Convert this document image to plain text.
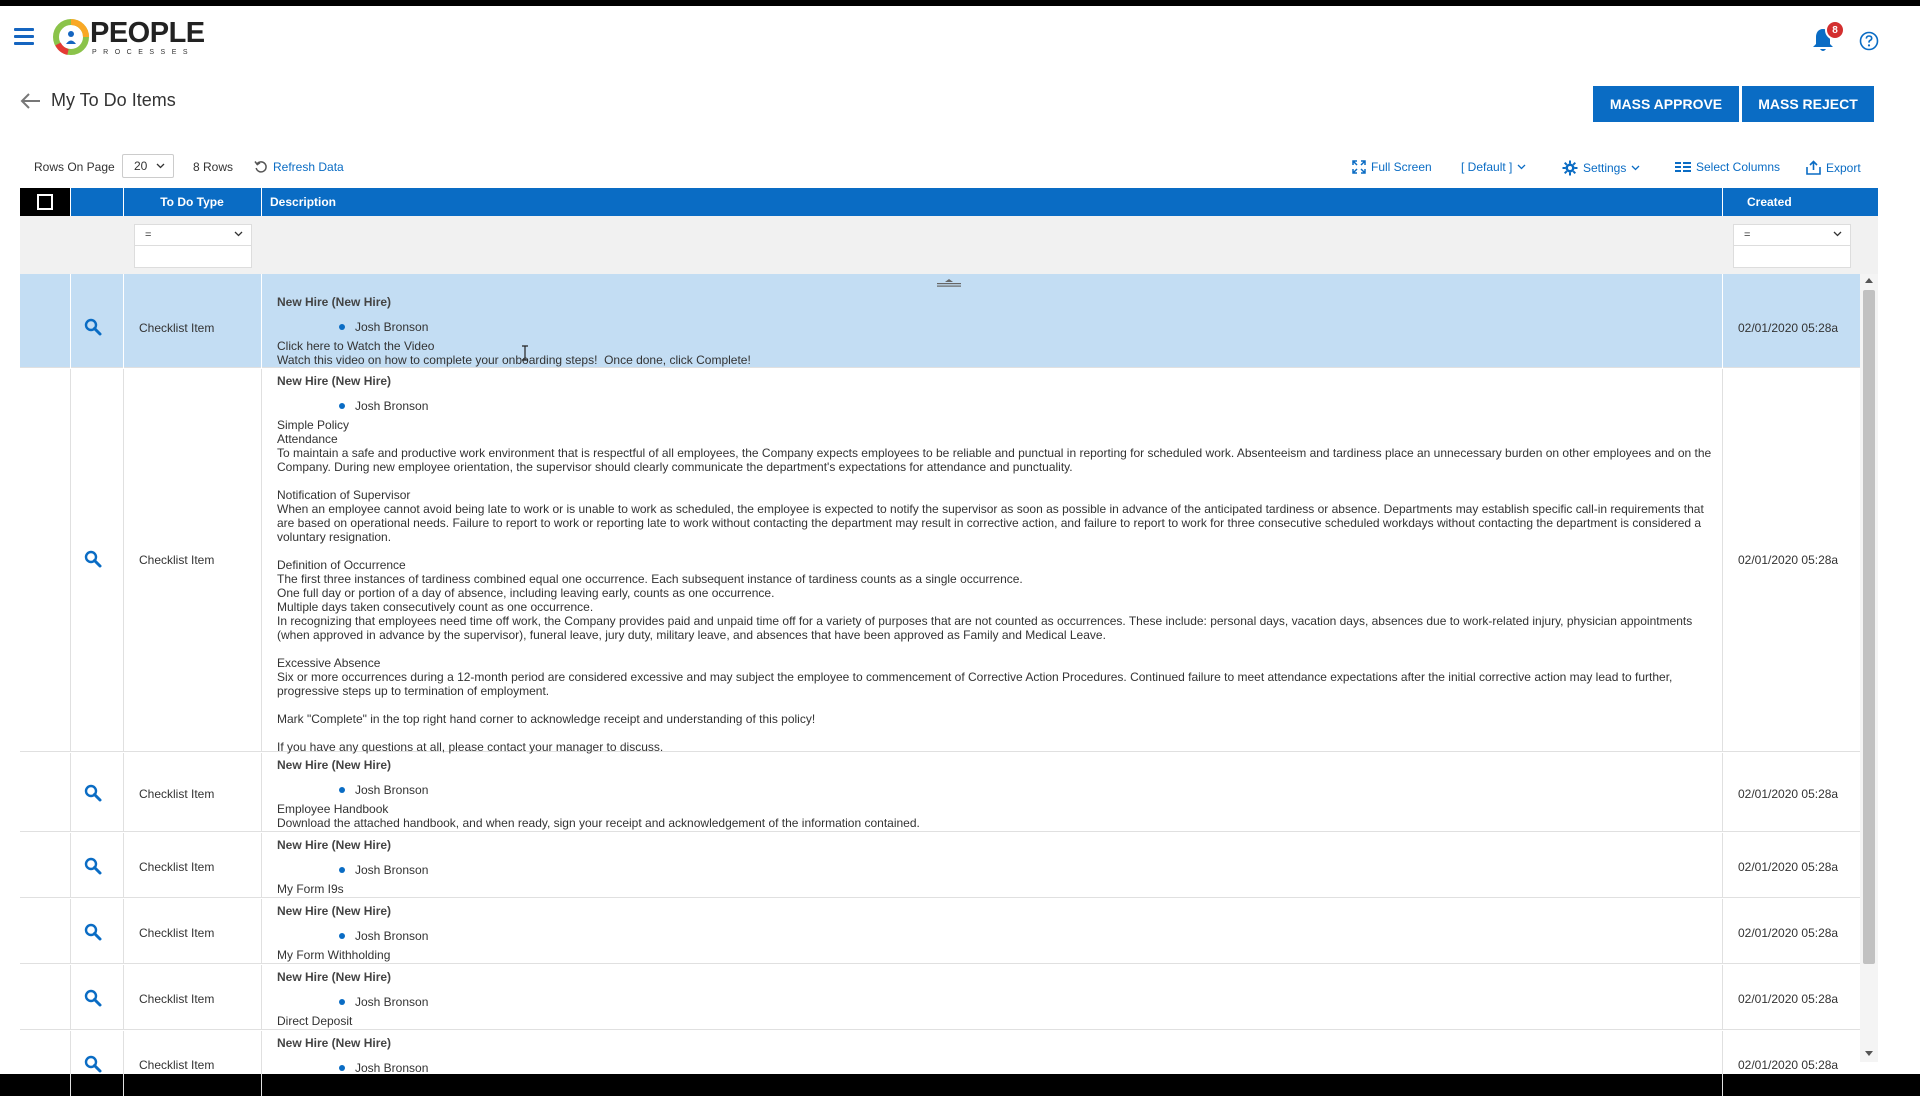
PEOPLE
PROCESSES
8
My To Do Items	MASS APPROVE	MASS REJECT
Rows On Page 20	8 Rows	Refresh Data	Full Screen [ Default ]	Settings	Select Columns	Export
To Do Type	Description	Created
=	=
Checklist Item
New Hire (New Hire)
Josh Bronson
Click here to Watch the Video
Watch this video on how to complete your onboarding steps!  Once done, click Complete!
02/01/2020 05:28a
Checklist Item
New Hire (New Hire)
Josh Bronson
Simple Policy
Attendance
To maintain a safe and productive work environment that is respectful of all employees, the Company expects employees to be reliable and punctual in reporting for scheduled work. Absenteeism and tardiness place an unnecessary burden on other employees and on the Company. During new employee orientation, the supervisor should clearly communicate the department's expectations for attendance and punctuality.
Notification of Supervisor
When an employee cannot avoid being late to work or is unable to work as scheduled, the employee is expected to notify the supervisor as soon as possible in advance of the anticipated tardiness or absence. Departments may establish specific call-in requirements that are based on operational needs. Failure to report to work or reporting late to work without contacting the department may result in corrective action, and failure to report to work for three consecutive scheduled workdays without contacting the department is considered a voluntary resignation.
Definition of Occurrence
The first three instances of tardiness combined equal one occurrence. Each subsequent instance of tardiness counts as a single occurrence.
One full day or portion of a day of absence, including leaving early, counts as one occurrence.
Multiple days taken consecutively count as one occurrence.
In recognizing that employees need time off work, the Company provides paid and unpaid time off for a variety of purposes that are not counted as occurrences. These include: personal days, vacation days, absences due to work-related injury, physician appointments (when approved in advance by the supervisor), funeral leave, jury duty, military leave, and absences that have been approved as Family and Medical Leave.
Excessive Absence
Six or more occurrences during a 12-month period are considered excessive and may subject the employee to commencement of Corrective Action Procedures. Continued failure to meet attendance expectations after the initial corrective action may lead to further, progressive steps up to termination of employment.
Mark "Complete" in the top right hand corner to acknowledge receipt and understanding of this policy!
If you have any questions at all, please contact your manager to discuss.
02/01/2020 05:28a
Checklist Item
New Hire (New Hire)
Josh Bronson
Employee Handbook
Download the attached handbook, and when ready, sign your receipt and acknowledgement of the information contained.
02/01/2020 05:28a
Checklist Item
New Hire (New Hire)
Josh Bronson
My Form I9s
02/01/2020 05:28a
Checklist Item
New Hire (New Hire)
Josh Bronson
My Form Withholding
02/01/2020 05:28a
Checklist Item
New Hire (New Hire)
Josh Bronson
Direct Deposit
02/01/2020 05:28a
Checklist Item
New Hire (New Hire)
Josh Bronson	02/01/2020 05:28a
